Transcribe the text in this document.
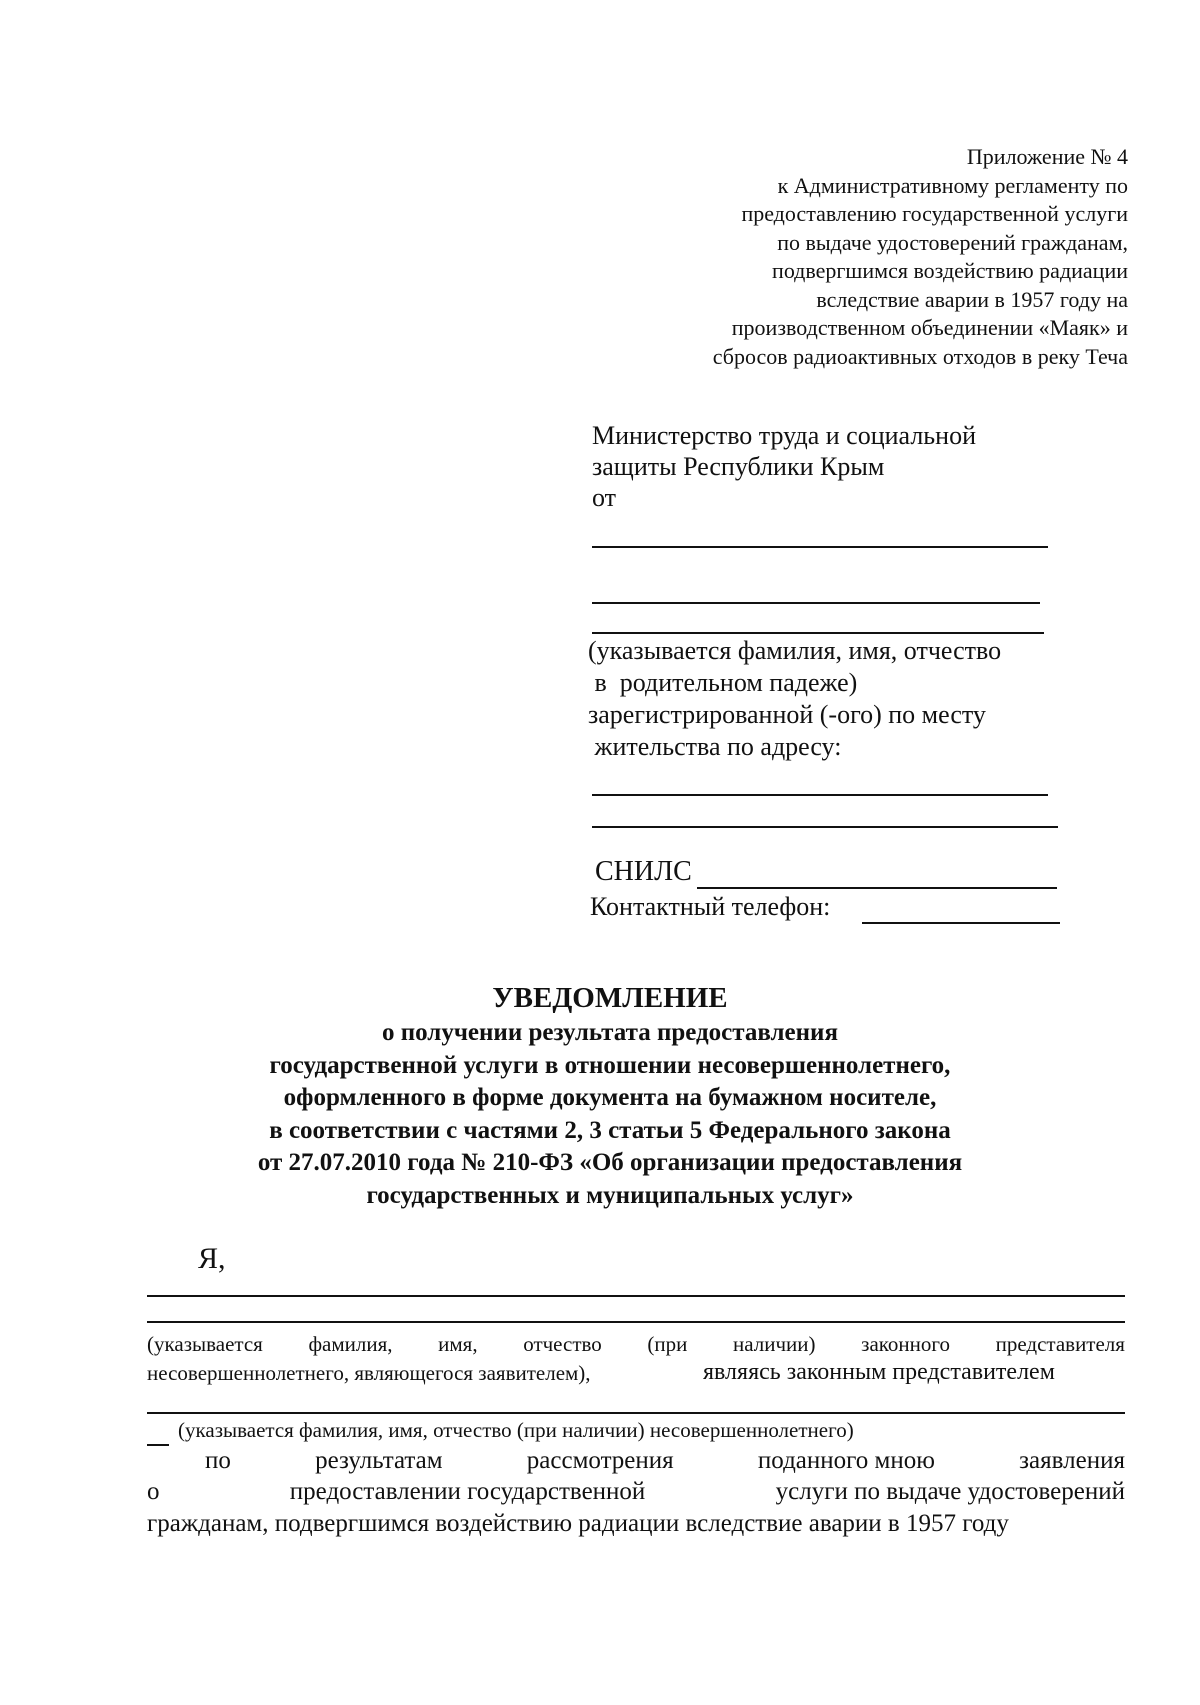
Приложение № 4
к Административному регламенту по
предоставлению государственной услуги
по выдаче удостоверений гражданам,
подвергшимся воздействию радиации
вследствие аварии в 1957 году на
производственном объединении «Маяк» и
сбросов радиоактивных отходов в реку Теча
Министерство труда и социальной
защиты Республики Крым
от
(указывается фамилия, имя, отчество
в  родительном падеже)
зарегистрированной (-ого) по месту
жительства по адресу:
СНИЛС
Контактный телефон:
УВЕДОМЛЕНИЕ
о получении результата предоставления
государственной услуги в отношении несовершеннолетнего,
оформленного в форме документа на бумажном носителе,
в соответствии с частями 2, 3 статьи 5 Федерального закона
от 27.07.2010 года № 210-ФЗ «Об организации предоставления
государственных и муниципальных услуг»
Я,
(указывается фамилия, имя, отчество (при наличии) законного представителя
несовершеннолетнего, являющегося заявителем),	являясь законным представителем
(указывается фамилия, имя, отчество (при наличии) несовершеннолетнего)
по	результатам	рассмотрения	поданного мною	заявления
о	предоставлении государственной	услуги по выдаче удостоверений
гражданам, подвергшимся воздействию радиации вследствие аварии в 1957 году
